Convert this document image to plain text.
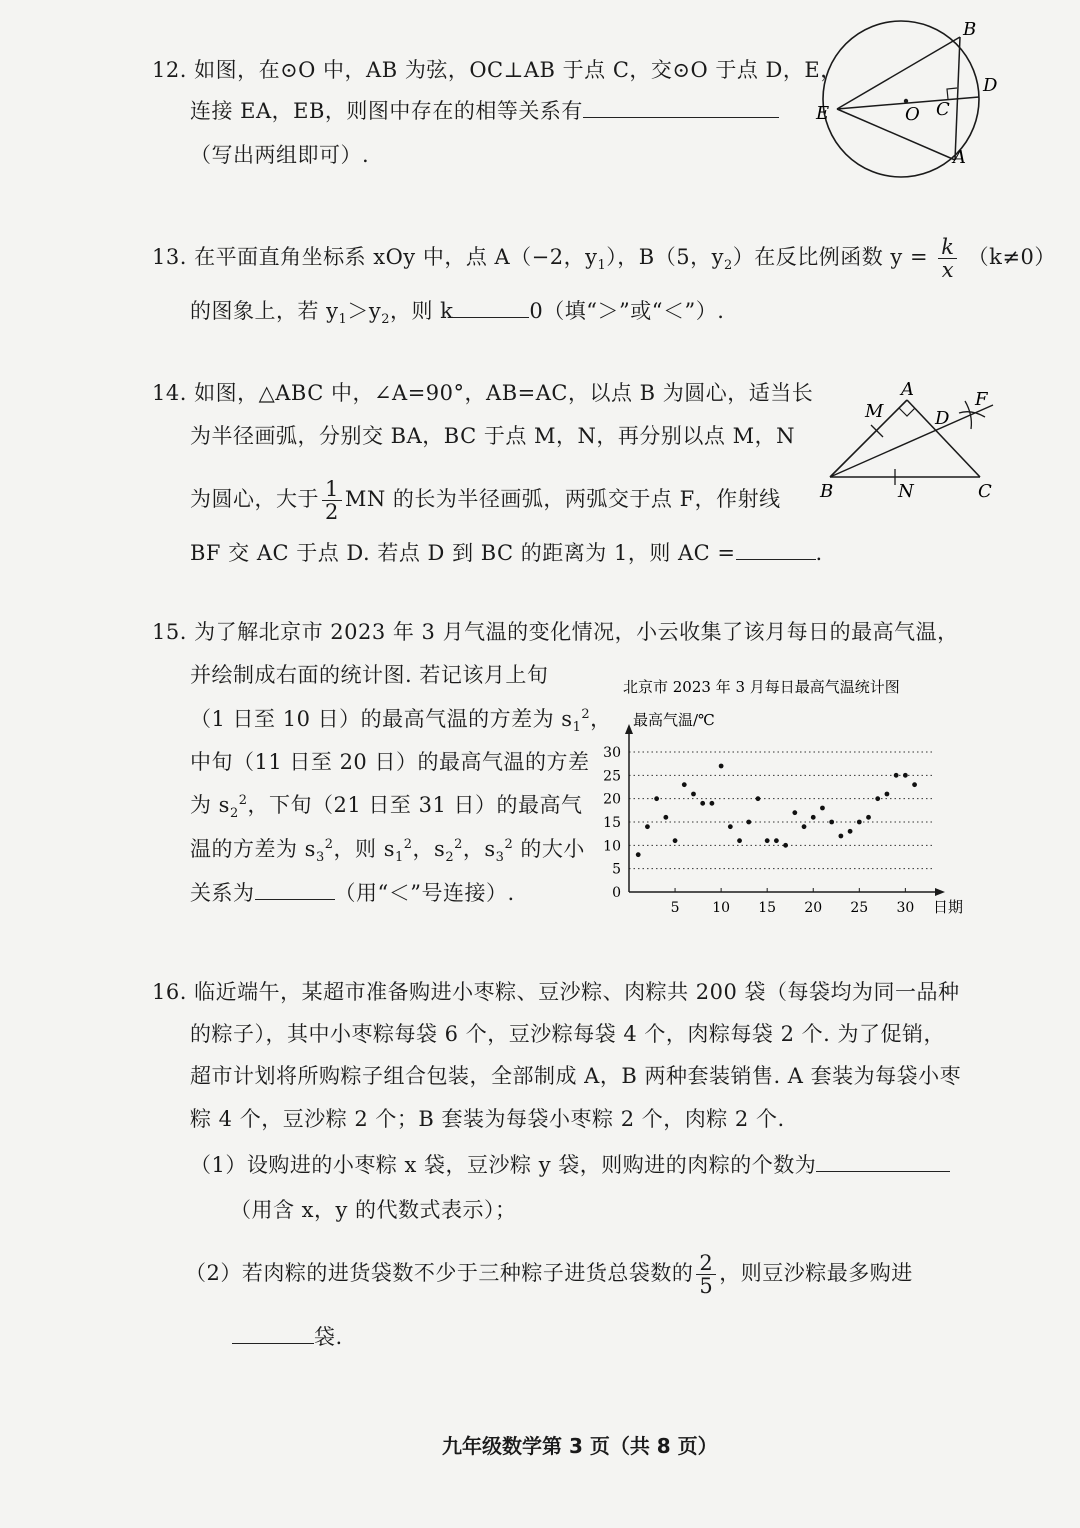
12. 如图，在⊙O 中，AB 为弦，OC⊥AB 于点 C，交⊙O 于点 D，E，
连接 EA，EB，则图中存在的相等关系有
（写出两组即可）.
B
D
E	O C
A
13. 在平面直角坐标系 xOy 中，点 A（−2，$y_1$），B（5，$y_2$）在反比例函数 $y = \frac{k}{x} (k\ne 0)$
的图象上，若 $y_1>y_2$，则 k	0（填“＞”或“＜”）.
14. 如图，△ABC 中，∠A=90°，AB=AC，以点 B 为圆心，适当长
为半径画弧，分别交 BA，BC 于点 M，N，再分别以点 M，N
为圆心，大于 $\frac{1}{2}$ MN 的长为半径画弧，两弧交于点 F，作射线
BF 交 AC 于点 D. 若点 D 到 BC 的距离为 1，则 AC =	.
A
M	D
F
B	N	C
15. 为了解北京市 2023 年 3 月气温的变化情况，小云收集了该月每日的最高气温，
并绘制成右面的统计图. 若记该月上旬
（1 日至 10 日）的最高气温的方差为 $s_1^2$，
中旬（11 日至 20 日）的最高气温的方差
为 $s_2^2$，下旬（21 日至 31 日）的最高气
温的方差为 $s_3^2$，则 $s_1^2$，$s_2^2$，$s_3^2$ 的大小
关系为	（用“＜”号连接）.
北京市 2023 年 3 月每日最高气温统计图
最高气温/℃
日期
0
5
10
15
20
25
30
5 10 15 20 25 30
16. 临近端午，某超市准备购进小枣粽、豆沙粽、肉粽共 200 袋（每袋均为同一品种
的粽子），其中小枣粽每袋 6 个，豆沙粽每袋 4 个，肉粽每袋 2 个. 为了促销，
超市计划将所购粽子组合包装，全部制成 A，B 两种套装销售. A 套装为每袋小枣
粽 4 个，豆沙粽 2 个；B 套装为每袋小枣粽 2 个，肉粽 2 个.
（1）设购进的小枣粽 x 袋，豆沙粽 y 袋，则购进的肉粽的个数为
（用含 x，y 的代数式表示）；
（2）若肉粽的进货袋数不少于三种粽子进货总袋数的 $\frac{2}{5}$ ，则豆沙粽最多购进
袋.
九年级数学第 3 页（共 8 页）
